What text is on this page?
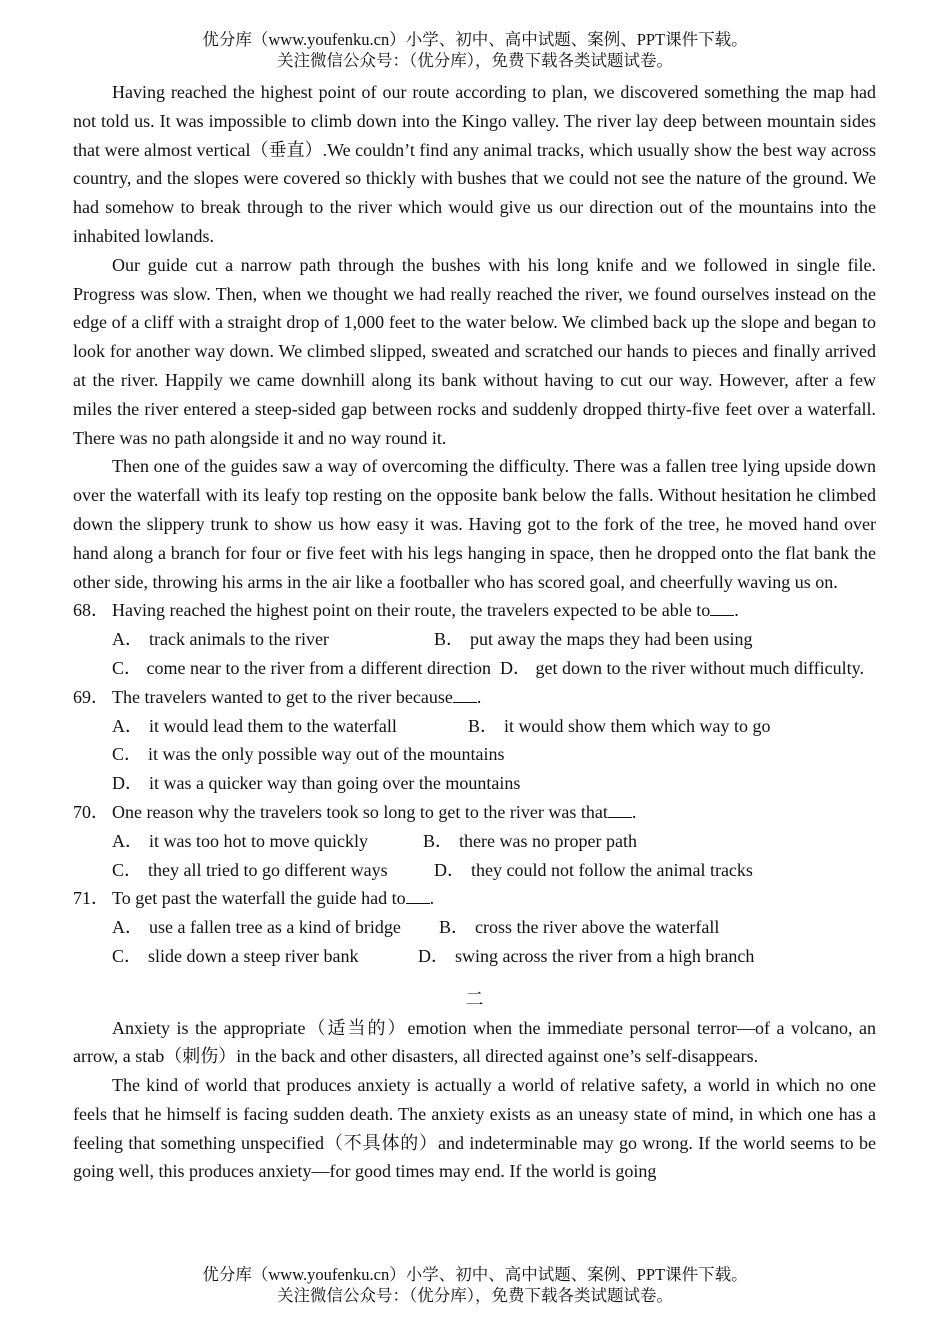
优分库（www.youfenku.cn）小学、初中、高中试题、案例、PPT课件下载。
关注微信公众号：（优分库），免费下载各类试题试卷。

Having reached the highest point of our route according to plan, we discovered something the map had not told us. It was impossible to climb down into the Kingo valley. The river lay deep between mountain sides that were almost vertical（垂直）.We couldn’t find any animal tracks, which usually show the best way across country, and the slopes were covered so thickly with bushes that we could not see the nature of the ground. We had somehow to break through to the river which would give us our direction out of the mountains into the inhabited lowlands.

Our guide cut a narrow path through the bushes with his long knife and we followed in single file. Progress was slow. Then, when we thought we had really reached the river, we found ourselves instead on the edge of a cliff with a straight drop of 1,000 feet to the water below. We climbed back up the slope and began to look for another way down. We climbed slipped, sweated and scratched our hands to pieces and finally arrived at the river. Happily we came downhill along its bank without having to cut our way. However, after a few miles the river entered a steep-sided gap between rocks and suddenly dropped thirty-five feet over a waterfall. There was no path alongside it and no way round it.

Then one of the guides saw a way of overcoming the difficulty. There was a fallen tree lying upside down over the waterfall with its leafy top resting on the opposite bank below the falls. Without hesitation he climbed down the slippery trunk to show us how easy it was. Having got to the fork of the tree, he moved hand over hand along a branch for four or five feet with his legs hanging in space, then he dropped onto the flat bank the other side, throwing his arms in the air like a footballer who has scored goal, and cheerfully waving us on.

68． Having reached the highest point on their route, the travelers expected to be able to .
A． track animals to the river	B． put away the maps they had been using

C． come near to the river from a different direction D． get down to the river without much difficulty.

69． The travelers wanted to get to the river because .
A． it would lead them to the waterfall	B． it would show them which way to go
C． it was the only possible way out of the mountains
D． it was a quicker way than going over the mountains
70． One reason why the travelers took so long to get to the river was that .
A． it was too hot to move quickly	B． there was no proper path
C． they all tried to go different ways	D． they could not follow the animal tracks
71． To get past the waterfall the guide had to .
A． use a fallen tree as a kind of bridge	B． cross the river above the waterfall
C． slide down a steep river bank	D． swing across the river from a high branch
二

Anxiety is the appropriate（适当的）emotion when the immediate personal terror—of a volcano, an arrow, a stab（刺伤）in the back and other disasters, all directed against one’s self-disappears.

The kind of world that produces anxiety is actually a world of relative safety, a world in which no one feels that he himself is facing sudden death. The anxiety exists as an uneasy state of mind, in which one has a feeling that something unspecified（不具体的）and indeterminable may go wrong. If the world seems to be going well, this produces anxiety—for good times may end. If the world is going

优分库（www.youfenku.cn）小学、初中、高中试题、案例、PPT课件下载。
关注微信公众号：（优分库），免费下载各类试题试卷。
